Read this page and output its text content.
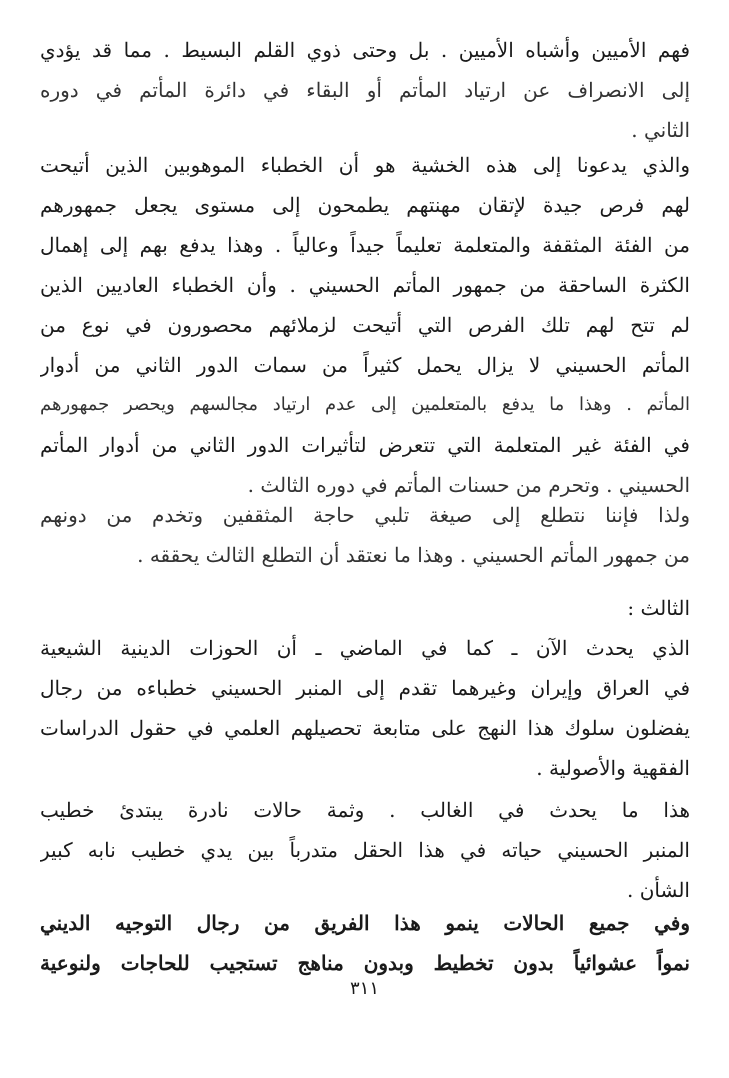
فهم الأميين وأشباه الأميين . بل وحتى ذوي القلم البسيط . مما قد يؤدي
إلى الانصراف عن ارتياد المأتم أو البقاء في دائرة المأتم في دوره
الثاني .
والذي يدعونا إلى هذه الخشية هو أن الخطباء الموهوبين الذين أتيحت
لهم فرص جيدة لإتقان مهنتهم يطمحون إلى مستوى يجعل جمهورهم
من الفئة المثقفة والمتعلمة تعليماً جيداً وعالياً . وهذا يدفع بهم إلى إهمال
الكثرة الساحقة من جمهور المأتم الحسيني . وأن الخطباء العاديين الذين
لم تتح لهم تلك الفرص التي أتيحت لزملائهم محصورون في نوع من
المأتم الحسيني لا يزال يحمل كثيراً من سمات الدور الثاني من أدوار
المأتم . وهذا ما يدفع بالمتعلمين إلى عدم ارتياد مجالسهم ويحصر جمهورهم
في الفئة غير المتعلمة التي تتعرض لتأثيرات الدور الثاني من أدوار المأتم
الحسيني . وتحرم من حسنات المأتم في دوره الثالث .
ولذا فإننا نتطلع إلى صيغة تلبي حاجة المثقفين وتخدم من دونهم
من جمهور المأتم الحسيني . وهذا ما نعتقد أن التطلع الثالث يحققه .
الثالث :
الذي يحدث الآن ـ كما في الماضي ـ أن الحوزات الدينية الشيعية
في العراق وإيران وغيرهما تقدم إلى المنبر الحسيني خطباءه من رجال
يفضلون سلوك هذا النهج على متابعة تحصيلهم العلمي في حقول الدراسات
الفقهية والأصولية .
هذا ما يحدث في الغالب . وثمة حالات نادرة يبتدئ خطيب
المنبر الحسيني حياته في هذا الحقل متدرباً بين يدي خطيب نابه كبير
الشأن .
وفي جميع الحالات ينمو هذا الفريق من رجال التوجيه الديني
نمواً عشوائياً بدون تخطيط وبدون مناهج تستجيب للحاجات ولنوعية
٣١١
